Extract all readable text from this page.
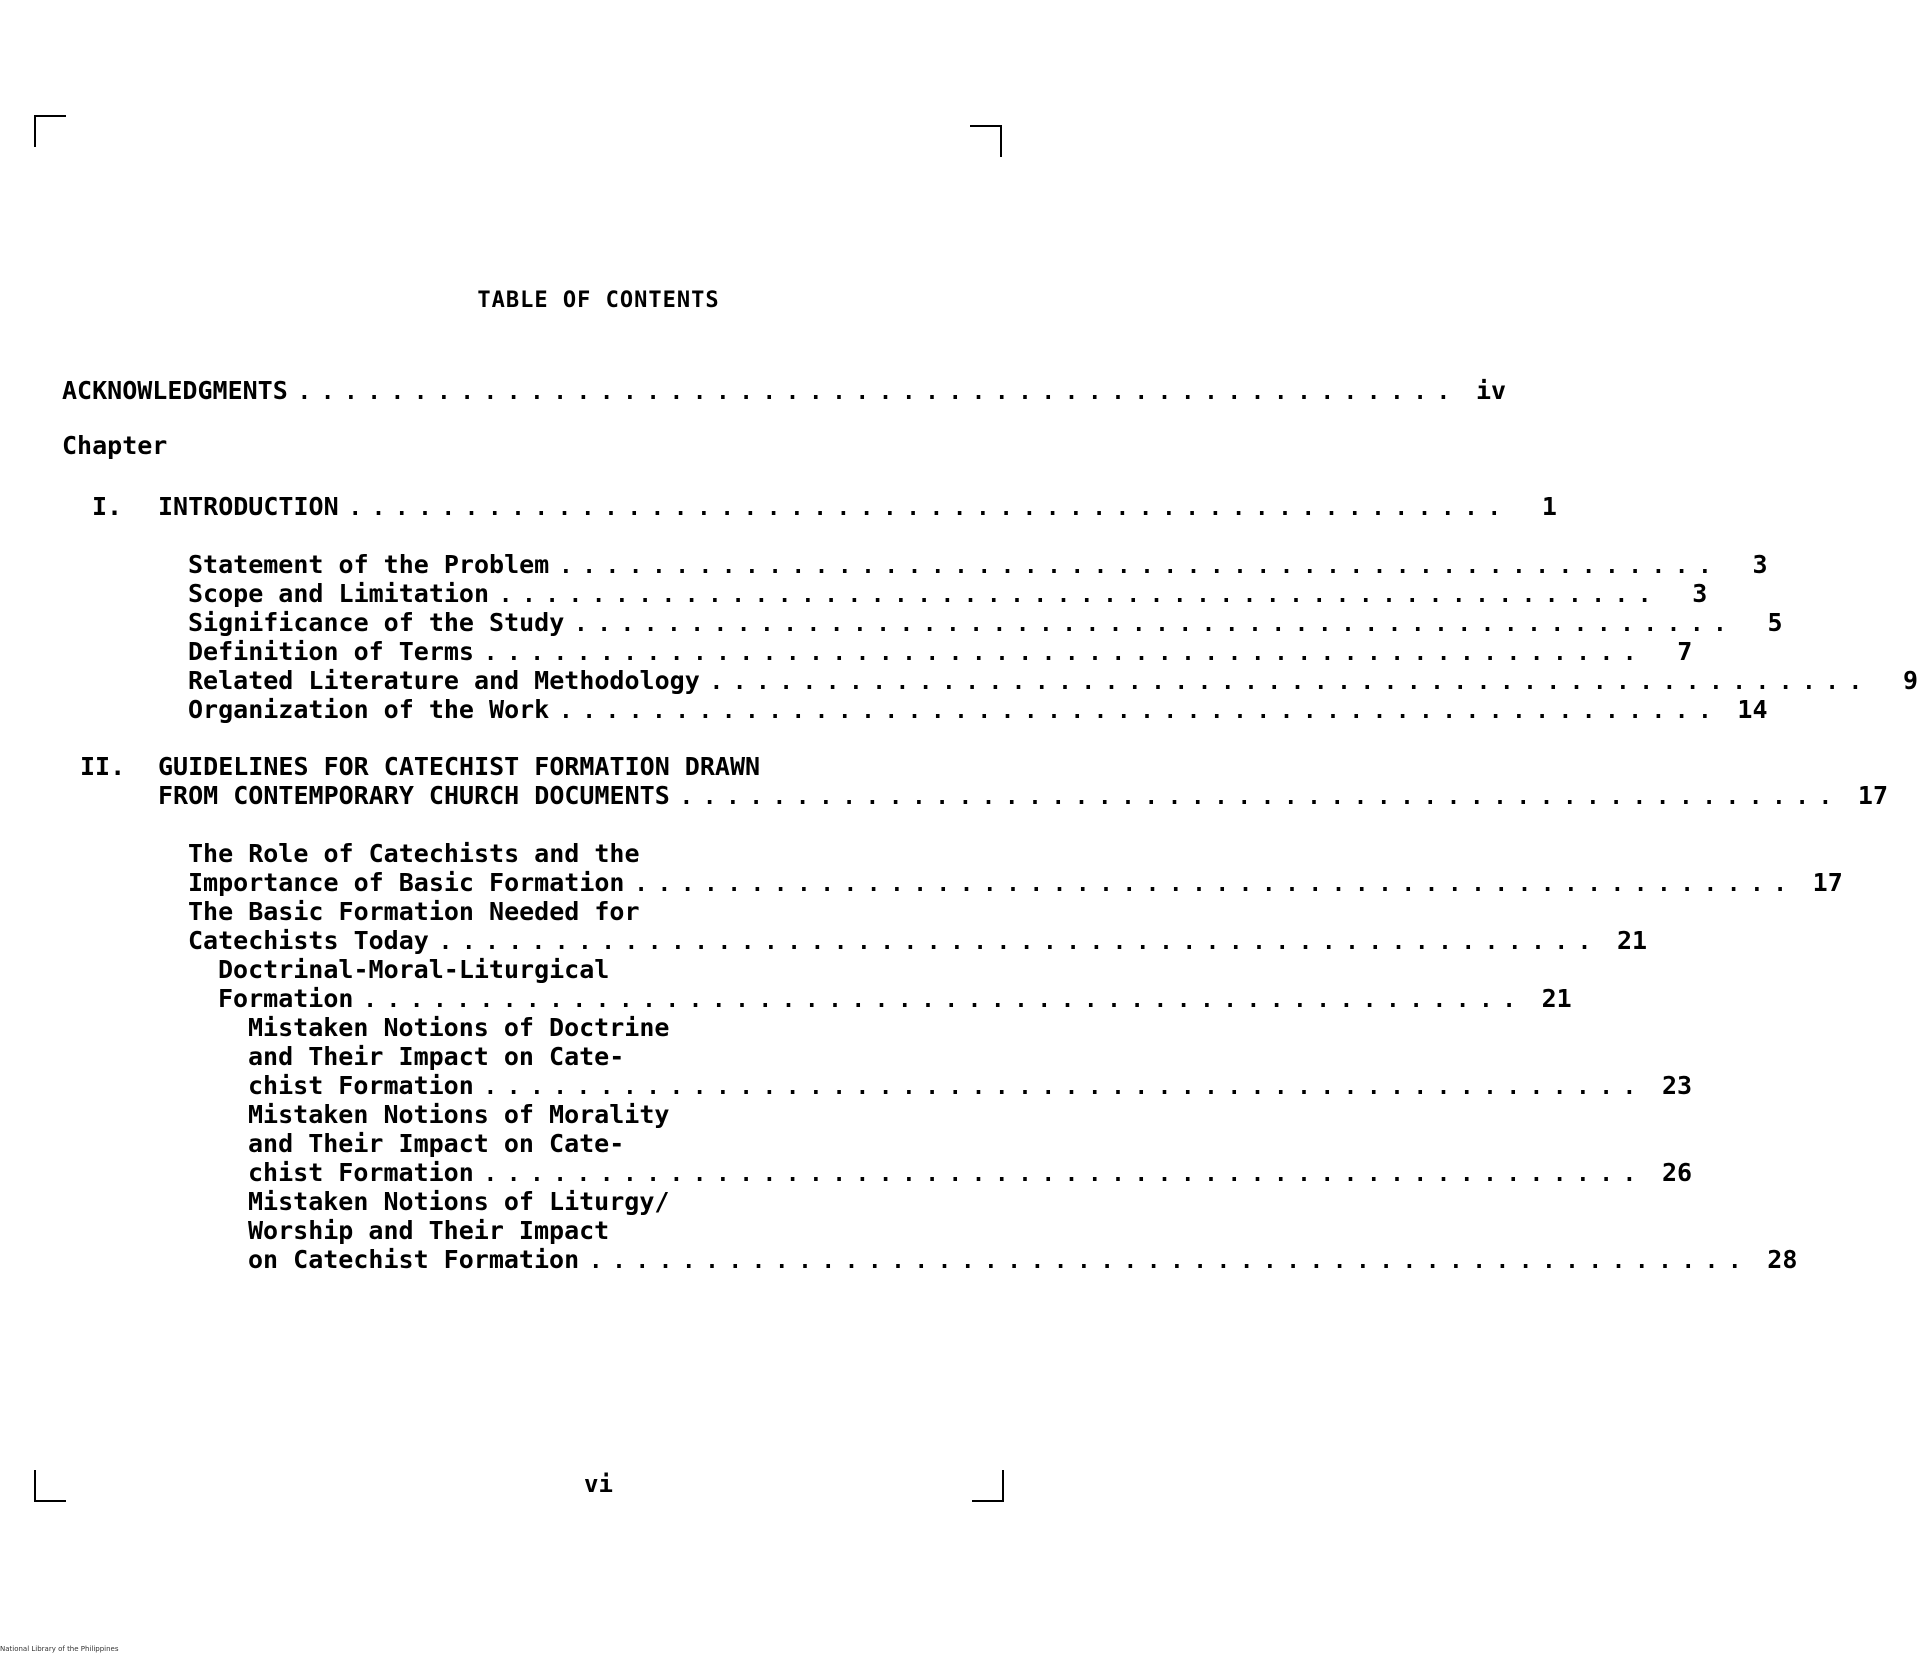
TABLE OF CONTENTS
ACKNOWLEDGMENTS .................................................. iv
Chapter
I. INTRODUCTION ..................................................	1
Statement of the Problem ..................................................	3
Scope and Limitation ..................................................	3
Significance of the Study ..................................................	5
Definition of Terms ..................................................	7
Related Literature and Methodology ..................................................	9
Organization of the Work .................................................. 14
II. GUIDELINES FOR CATECHIST FORMATION DRAWN
FROM CONTEMPORARY CHURCH DOCUMENTS .................................................. 17
The Role of Catechists and the
Importance of Basic Formation .................................................. 17
The Basic Formation Needed for
Catechists Today .................................................. 21
Doctrinal-Moral-Liturgical
Formation .................................................. 21
Mistaken Notions of Doctrine
and Their Impact on Cate-
chist Formation .................................................. 23
Mistaken Notions of Morality
and Their Impact on Cate-
chist Formation .................................................. 26
Mistaken Notions of Liturgy/
Worship and Their Impact
on Catechist Formation .................................................. 28
vi
National Library of the Philippines
